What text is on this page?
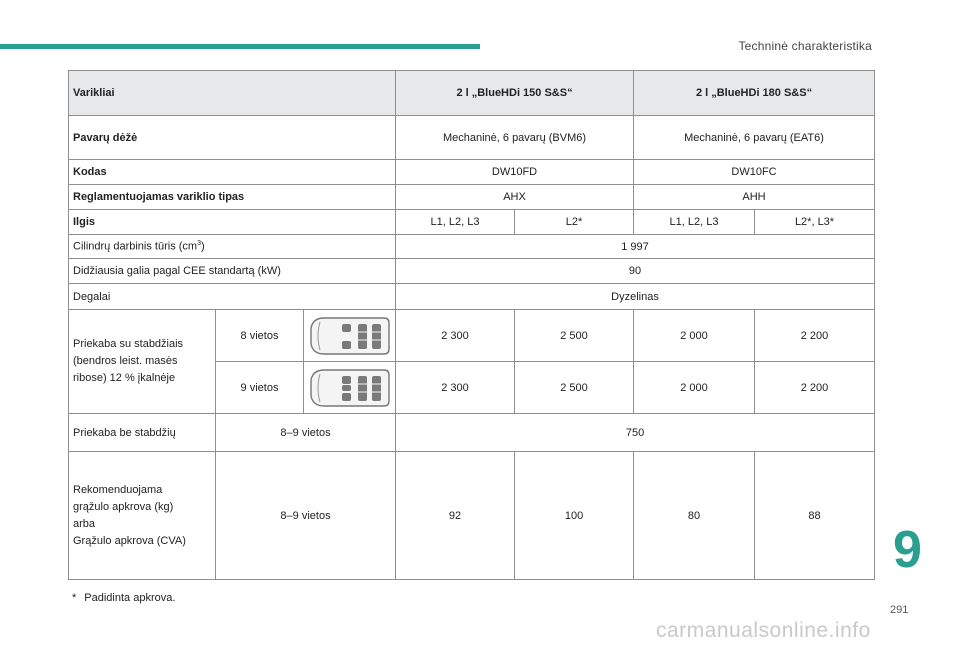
Techninė charakteristika
Varikliai			2 l „BlueHDi 150 S&S“		2 l „BlueHDi 180 S&S“	
Pavarų dėžė			Mechaninė, 6 pavarų (BVM6)		Mechaninė, 6 pavarų (EAT6)	
Kodas			DW10FD		DW10FC	
Reglamentuojamas variklio tipas			AHX		AHH	
Ilgis			L1, L2, L3	L2*	L1, L2, L3	L2*, L3*
Cilindrų darbinis tūris $(cm^3)$			1 997			
Didžiausia galia pagal CEE standartą (kW)			90			
Degalai			Dyzelinas			
Priekaba su stabdžiais (bendros leist. masės ribose) 12 % įkalnėje	8 vietos		2 300	2 500	2 000	2 200
	9 vietos		2 300	2 500	2 000	2 200
Priekaba be stabdžių	8–9 vietos		750			

Rekomenduojama
grąžulo apkrova (kg)
arba
Grąžulo apkrova (CVA)	8–9 vietos		92	100	80	88
* Padidinta apkrova.
9
291
carmanualsonline.info
